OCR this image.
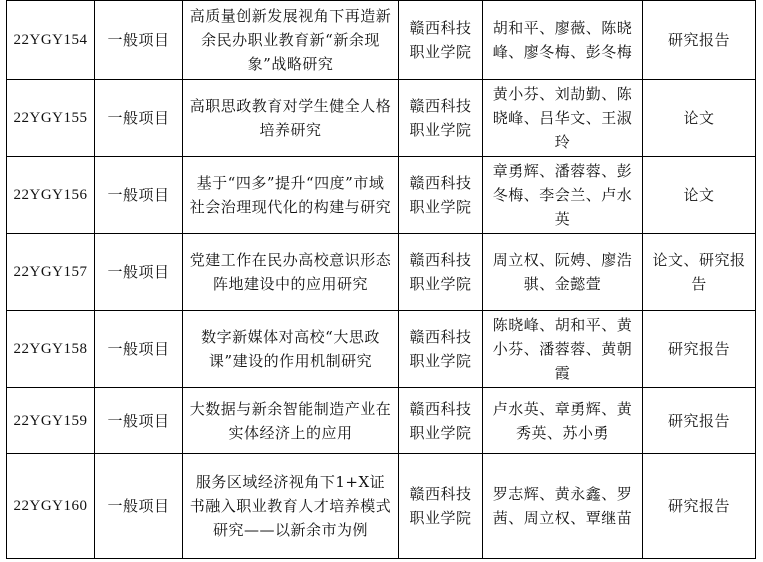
22YGY154	一般项目	高质量创新发展视角下再造新余民办职业教育新“新余现象”战略研究	赣西科技职业学院	胡和平、廖薇、陈晓峰、廖冬梅、彭冬梅	研究报告
22YGY155	一般项目	高职思政教育对学生健全人格培养研究	赣西科技职业学院	黄小芬、刘劼勤、陈晓峰、吕华文、王淑玲	论文
22YGY156	一般项目	基于“四多”提升“四度”市域社会治理现代化的构建与研究	赣西科技职业学院	章勇辉、潘蓉蓉、彭冬梅、李会兰、卢水英	论文
22YGY157	一般项目	党建工作在民办高校意识形态阵地建设中的应用研究	赣西科技职业学院	周立权、阮娉、廖浩骐、金懿萱	论文、研究报告
22YGY158	一般项目	数字新媒体对高校“大思政课”建设的作用机制研究	赣西科技职业学院	陈晓峰、胡和平、黄小芬、潘蓉蓉、黄朝霞	研究报告
22YGY159	一般项目	大数据与新余智能制造产业在实体经济上的应用	赣西科技职业学院	卢水英、章勇辉、黄秀英、苏小勇	研究报告
22YGY160	一般项目	服务区域经济视角下1+X证书融入职业教育人才培养模式研究——以新余市为例	赣西科技职业学院	罗志辉、黄永鑫、罗茜、周立权、覃继苗	研究报告
